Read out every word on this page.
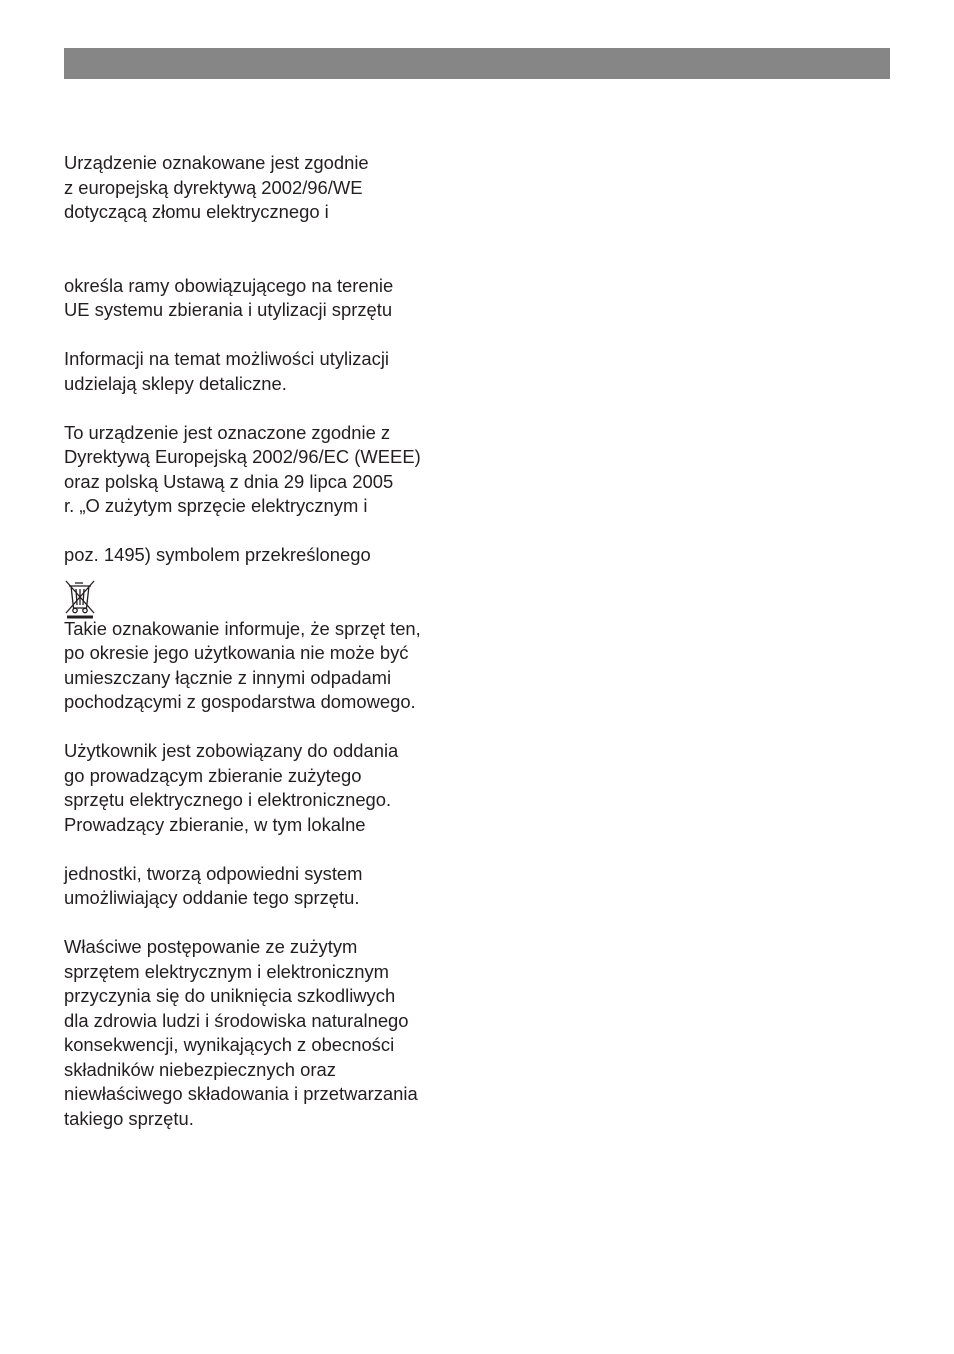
Urządzenie oznakowane jest zgodnie
z europejską dyrektywą 2002/96/WE
dotyczącą złomu elektrycznego i
określa ramy obowiązującego na terenie
UE systemu zbierania i utylizacji sprzętu
Informacji na temat możliwości utylizacji
udzielają sklepy detaliczne.
To urządzenie jest oznaczone zgodnie z
Dyrektywą Europejską 2002/96/EC (WEEE)
oraz polską Ustawą z dnia 29 lipca 2005
r. „O zużytym sprzęcie elektrycznym i
poz. 1495) symbolem przekreślonego
Takie oznakowanie informuje, że sprzęt ten,
po okresie jego użytkowania nie może być
umieszczany łącznie z innymi odpadami
pochodzącymi z gospodarstwa domowego.
Użytkownik jest zobowiązany do oddania
go prowadzącym zbieranie zużytego
sprzętu elektrycznego i elektronicznego.
Prowadzący zbieranie, w tym lokalne
jednostki, tworzą odpowiedni system
umożliwiający oddanie tego sprzętu.
Właściwe postępowanie ze zużytym
sprzętem elektrycznym i elektronicznym
przyczynia się do uniknięcia szkodliwych
dla zdrowia ludzi i środowiska naturalnego
konsekwencji, wynikających z obecności
składników niebezpiecznych oraz
niewłaściwego składowania i przetwarzania
takiego sprzętu.
